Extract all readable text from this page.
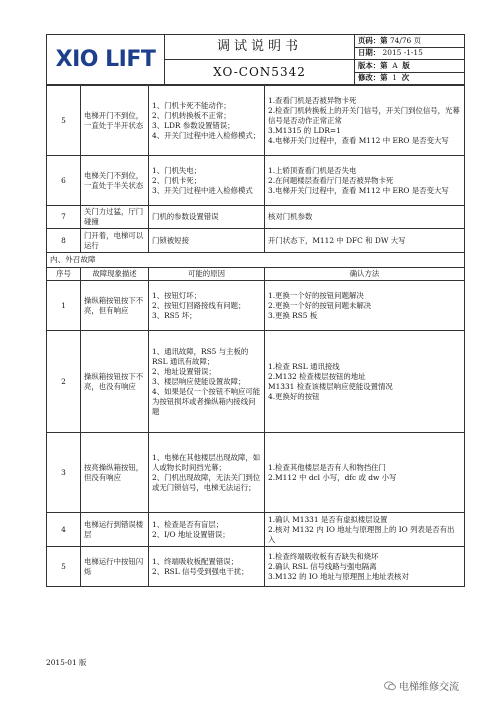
XIO LIFT	调试说明书	页码：第 74/76 页
		日期： 2015 -1-15
	XO-CON5342	版本：第 A 版
		修改：第 1 次
5	电梯开门不到位，一直处于半开状态	1、门机卡死不能动作；
2、门机转换板不正常；
3、LDR 参数设置错误；
4、开关门过程中进入检修模式；	1.查看门机是否被异物卡死
2.检查门机转换板上的开关门信号，开关门到位信号，光幕信号是否动作正常正常
3.M1315 的 LDR=1
4.电梯开关门过程中，查看 M112 中 ERO 是否变大写
6	电梯关门不到位，一直处于半关状态	1、门机失电；
2、门机卡死；
3、开关门过程中进入检修模式	1.上轿顶查看门机是否失电
2.在问题楼层查看厅门是否被异物卡死
3.电梯开关门过程中，查看 M112 中 ERO 是否变大写
7	关门力过猛，厅门碰撞	门机的参数设置错误	核对门机参数
8	门开着，电梯可以运行	门锁被短接	开门状态下，M112 中 DFC 和 DW 大写
内、外召故障			
序号	故障现象描述	可能的原因	确认方法
1	操纵箱按钮按下不亮，但有响应	1、按钮灯坏；
2、按钮灯回路接线有问题；
3、RS5 坏；	1.更换一个好的按钮问题解决
2.更换一个好的按钮问题未解决
3.更换 RS5 板
2	操纵箱按钮按下不亮，也没有响应	1、通讯故障，RS5 与主板的 RSL 通讯有故障；
2、地址设置错误；
3、楼层响应使能设置故障；
4、如果是仅一个按钮不响应可能为按钮损坏或者操纵箱内接线问题	1.检查 RSL 通讯接线
2.M132 检查楼层按钮的地址
M1331 检查该楼层响应使能设置情况
4.更换好的按钮
3	按亮操纵箱按钮，但没有响应	1、电梯在其他楼层出现故障，如人或物长时间挡光幕；
2、门机出现故障，无法关门到位或无门锁信号，电梯无法运行；	1.检查其他楼层是否有人和物挡住门
2.M112 中 dcl 小写，dfc 或 dw 小写
4	电梯运行到错误楼层	1、检查是否有盲层；
2、I/O 地址设置错误；	1.确认 M1331 是否有虚拟楼层设置
2.核对 M132 内 IO 地址与原理图上的 IO 列表是否有出入
5	电梯运行中按钮闪烁	1、终端吸收板配置错误；
2、RSL 信号受到强电干扰；	1.检查终端吸收板有否缺失和烧坏
2.确认 RSL 信号线路与强电隔离
3.M132 的 IO 地址与原理图上地址表核对
2015-01 版
电梯维修交流
